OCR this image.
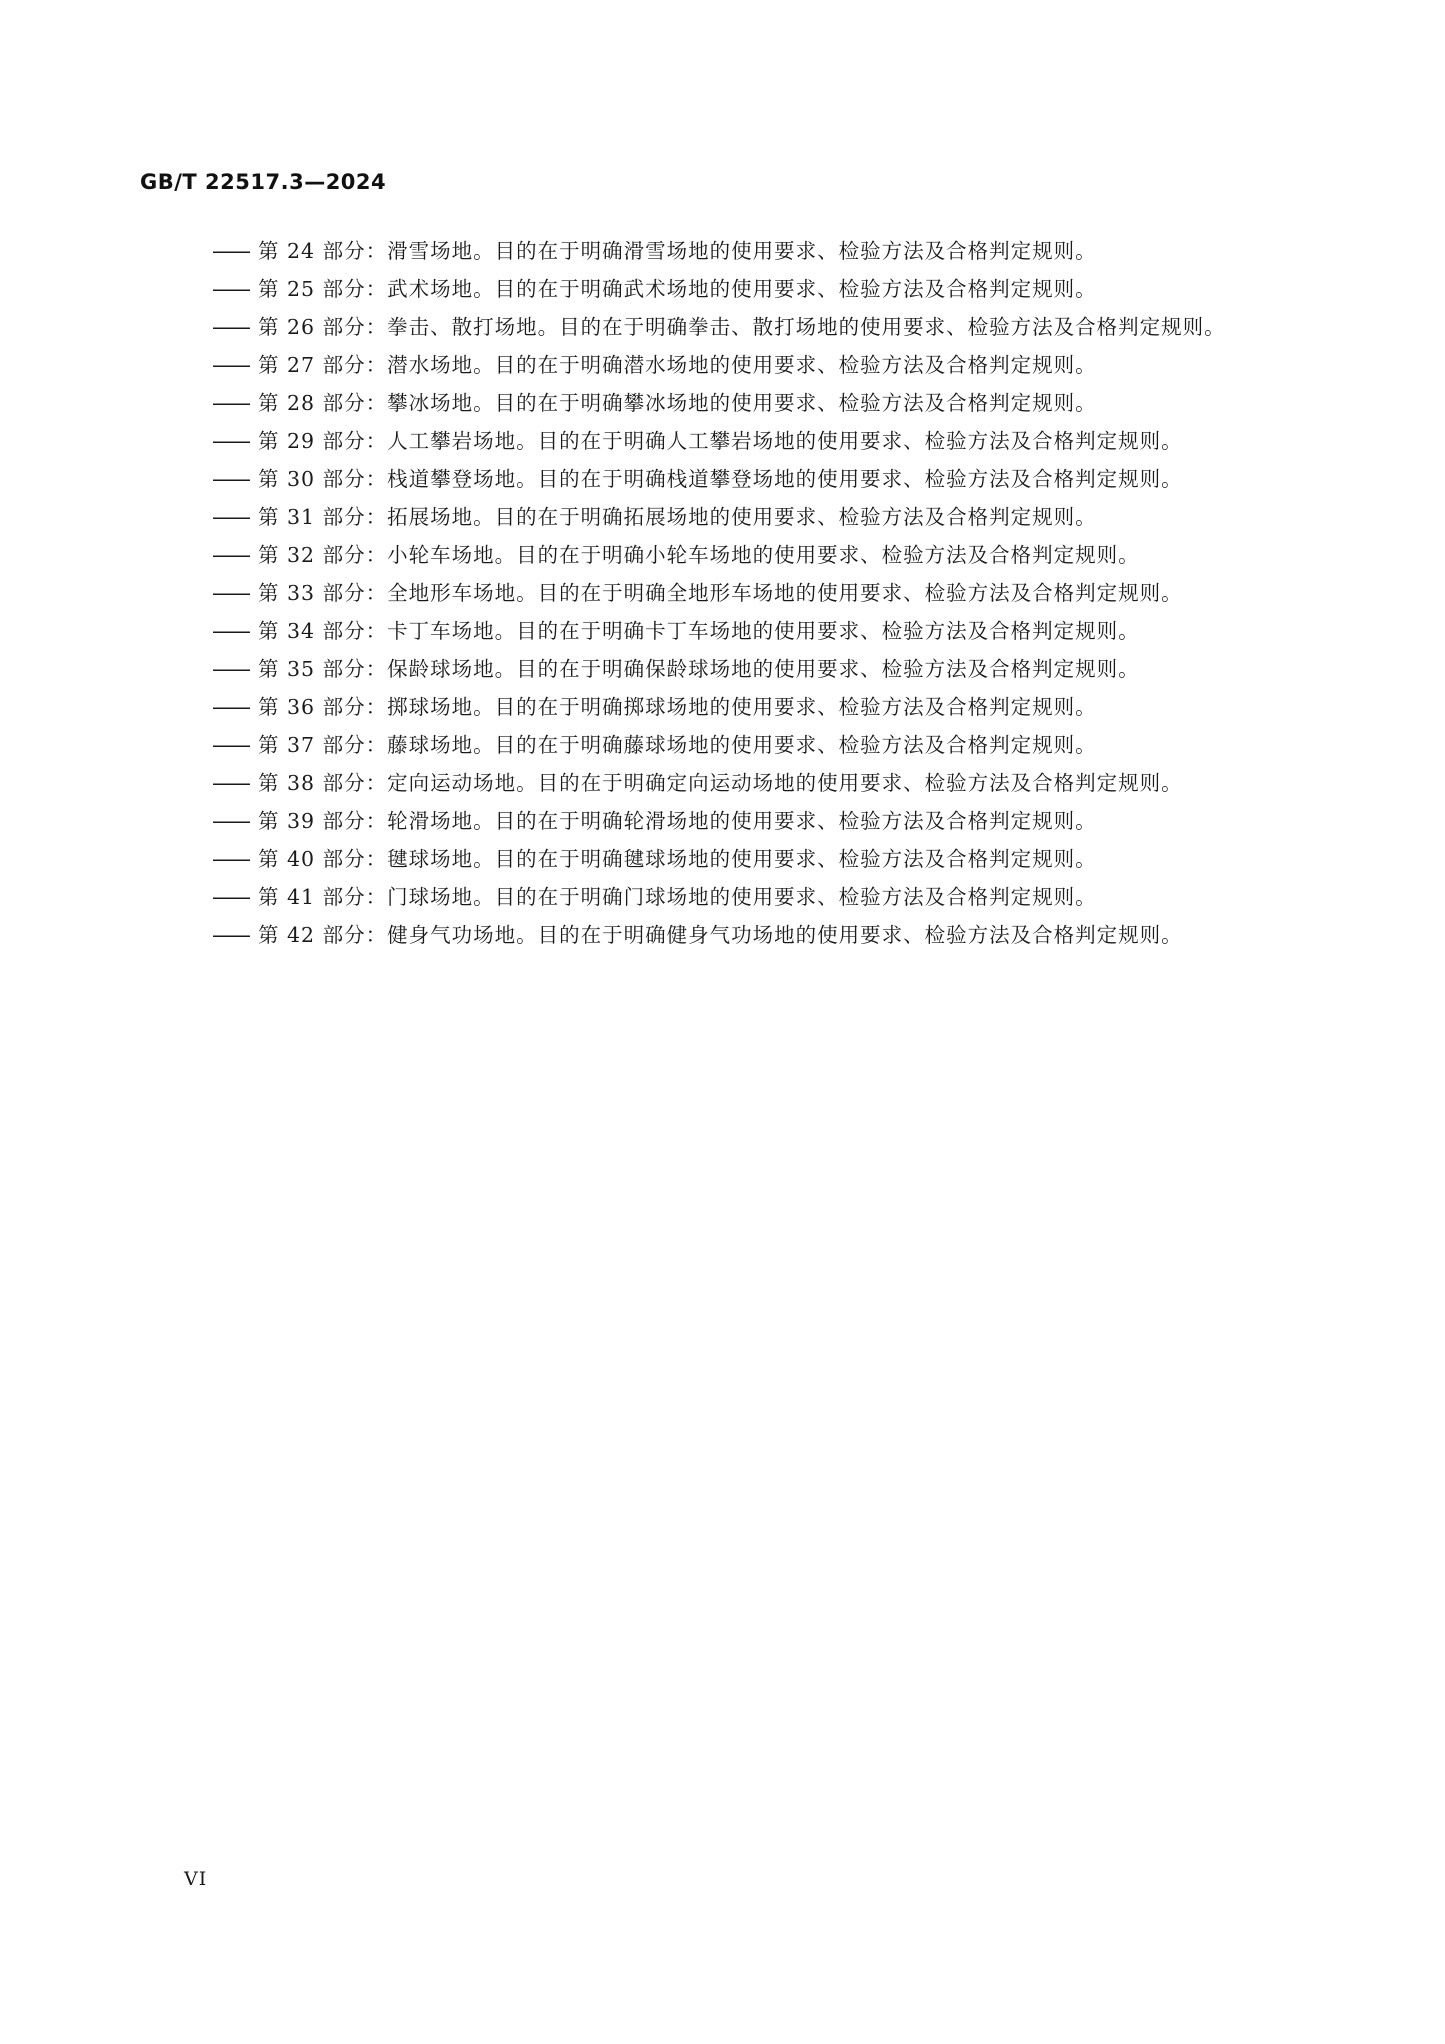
GB/T 22517.3—2024
—— 第 24 部分：滑雪场地。目的在于明确滑雪场地的使用要求、检验方法及合格判定规则。
—— 第 25 部分：武术场地。目的在于明确武术场地的使用要求、检验方法及合格判定规则。
—— 第 26 部分：拳击、散打场地。目的在于明确拳击、散打场地的使用要求、检验方法及合格判定规则。
—— 第 27 部分：潜水场地。目的在于明确潜水场地的使用要求、检验方法及合格判定规则。
—— 第 28 部分：攀冰场地。目的在于明确攀冰场地的使用要求、检验方法及合格判定规则。
—— 第 29 部分：人工攀岩场地。目的在于明确人工攀岩场地的使用要求、检验方法及合格判定规则。
—— 第 30 部分：栈道攀登场地。目的在于明确栈道攀登场地的使用要求、检验方法及合格判定规则。
—— 第 31 部分：拓展场地。目的在于明确拓展场地的使用要求、检验方法及合格判定规则。
—— 第 32 部分：小轮车场地。目的在于明确小轮车场地的使用要求、检验方法及合格判定规则。
—— 第 33 部分：全地形车场地。目的在于明确全地形车场地的使用要求、检验方法及合格判定规则。
—— 第 34 部分：卡丁车场地。目的在于明确卡丁车场地的使用要求、检验方法及合格判定规则。
—— 第 35 部分：保龄球场地。目的在于明确保龄球场地的使用要求、检验方法及合格判定规则。
—— 第 36 部分：掷球场地。目的在于明确掷球场地的使用要求、检验方法及合格判定规则。
—— 第 37 部分：藤球场地。目的在于明确藤球场地的使用要求、检验方法及合格判定规则。
—— 第 38 部分：定向运动场地。目的在于明确定向运动场地的使用要求、检验方法及合格判定规则。
—— 第 39 部分：轮滑场地。目的在于明确轮滑场地的使用要求、检验方法及合格判定规则。
—— 第 40 部分：毽球场地。目的在于明确毽球场地的使用要求、检验方法及合格判定规则。
—— 第 41 部分：门球场地。目的在于明确门球场地的使用要求、检验方法及合格判定规则。
—— 第 42 部分：健身气功场地。目的在于明确健身气功场地的使用要求、检验方法及合格判定规则。
VI
